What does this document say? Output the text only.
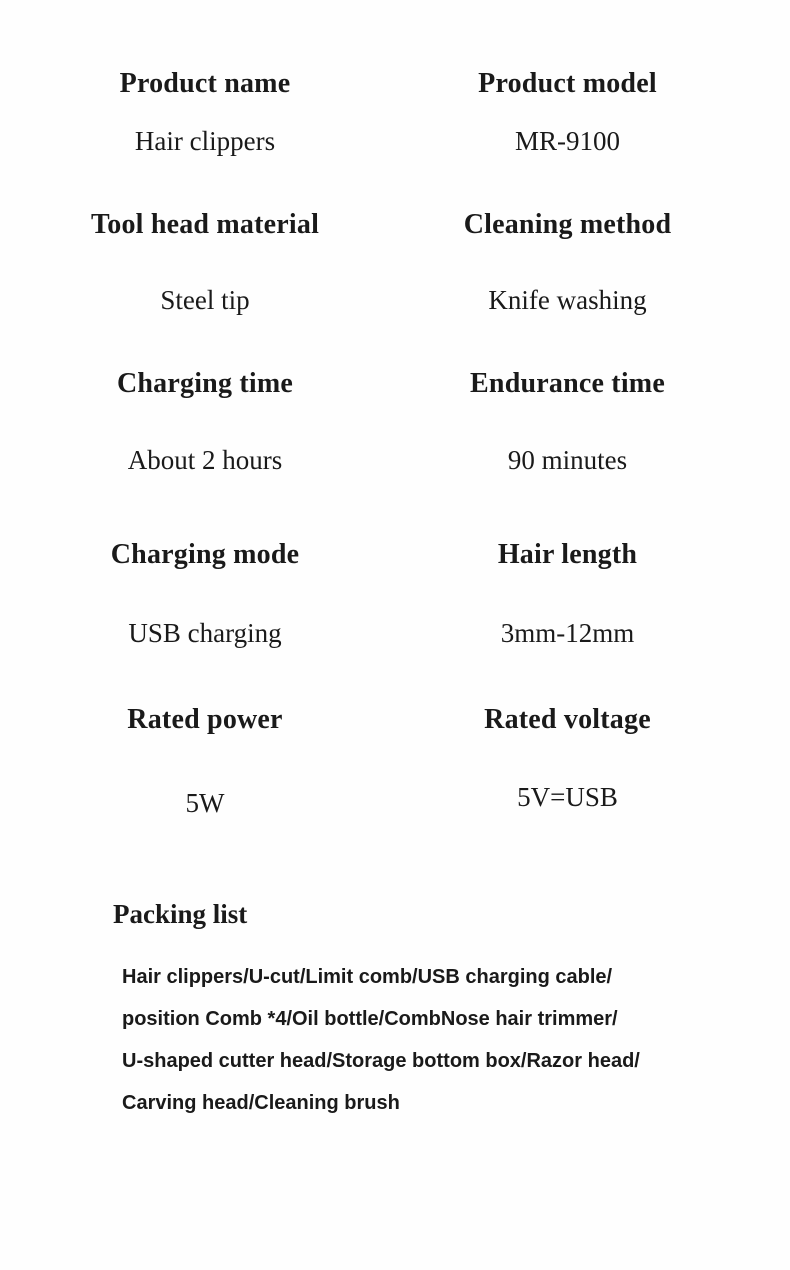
Product name	Product model
Hair clippers	MR-9100
Tool head material	Cleaning method
Steel tip	Knife washing
Charging time	Endurance time
About 2 hours	90 minutes
Charging mode	Hair length
USB charging	3mm-12mm
Rated power	Rated voltage
5W	5V=USB
Packing list
Hair clippers/U-cut/Limit comb/USB charging cable/
position Comb *4/Oil bottle/CombNose hair trimmer/
U-shaped cutter head/Storage bottom box/Razor head/
Carving head/Cleaning brush
